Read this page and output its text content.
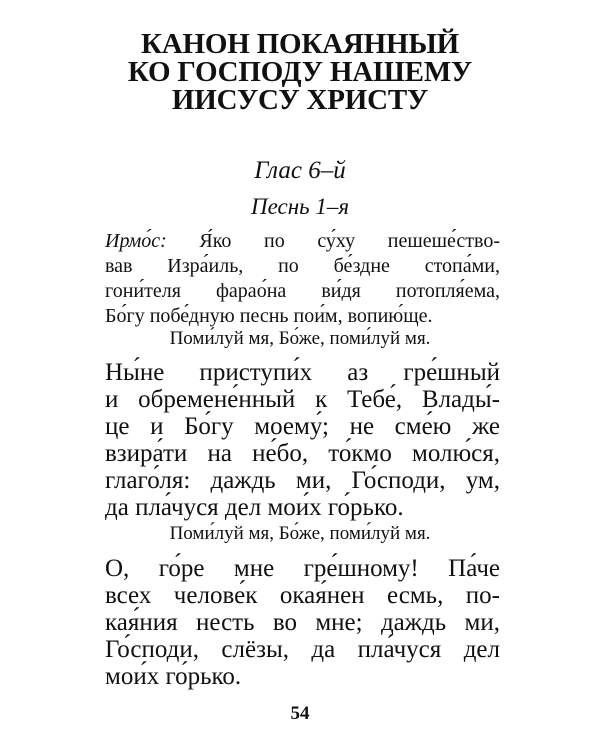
КАНОН ПОКАЯННЫЙ
КО ГОСПОДУ НАШЕМУ
ИИСУСУ ХРИСТУ
Глас 6–й
Песнь 1–я
Ирмо́с: Я́ко по су́ху пешеше́ство-
вав Изра́иль, по бе́здне стопа́ми,
гони́теля фарао́на ви́дя потопля́ема,
Бо́гу побе́дную песнь пои́м, вопию́ще.
Поми́луй мя, Бо́же, поми́луй мя.
Ны́не приступи́х аз гре́шный
и обремене́нный к Тебе́, Влады́-
це и Бо́гу моему́; не сме́ю же
взира́ти на не́бо, то́кмо молю́ся,
глаго́ля: даждь ми, Го́споди, ум,
да пла́чуся дел мои́х го́рько.
Поми́луй мя, Бо́же, поми́луй мя.
О, го́ре мне гре́шному! Па́че
всех челове́к окая́нен есмь, по-
кая́ния несть во мне; даждь ми,
Го́споди, слёзы, да пла́чуся дел
мои́х го́рько.
54
